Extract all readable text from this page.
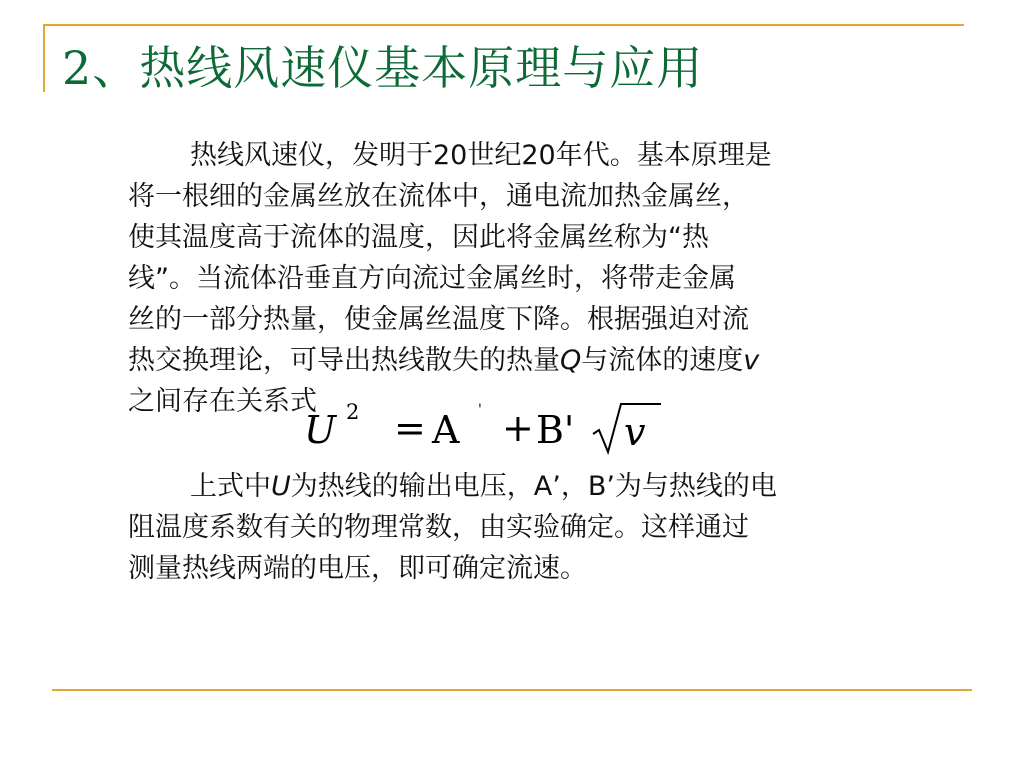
2、热线风速仪基本原理与应用
热线风速仪，发明于20世纪20年代。基本原理是
将一根细的金属丝放在流体中，通电流加热金属丝，
使其温度高于流体的温度，因此将金属丝称为“热
线”。当流体沿垂直方向流过金属丝时，将带走金属
丝的一部分热量，使金属丝温度下降。根据强迫对流
热交换理论，可导出热线散失的热量Q与流体的速度v
之间存在关系式
U 2 = A ' + B' v
上式中U为热线的输出电压，A’，B’为与热线的电
阻温度系数有关的物理常数，由实验确定。这样通过
测量热线两端的电压，即可确定流速。
